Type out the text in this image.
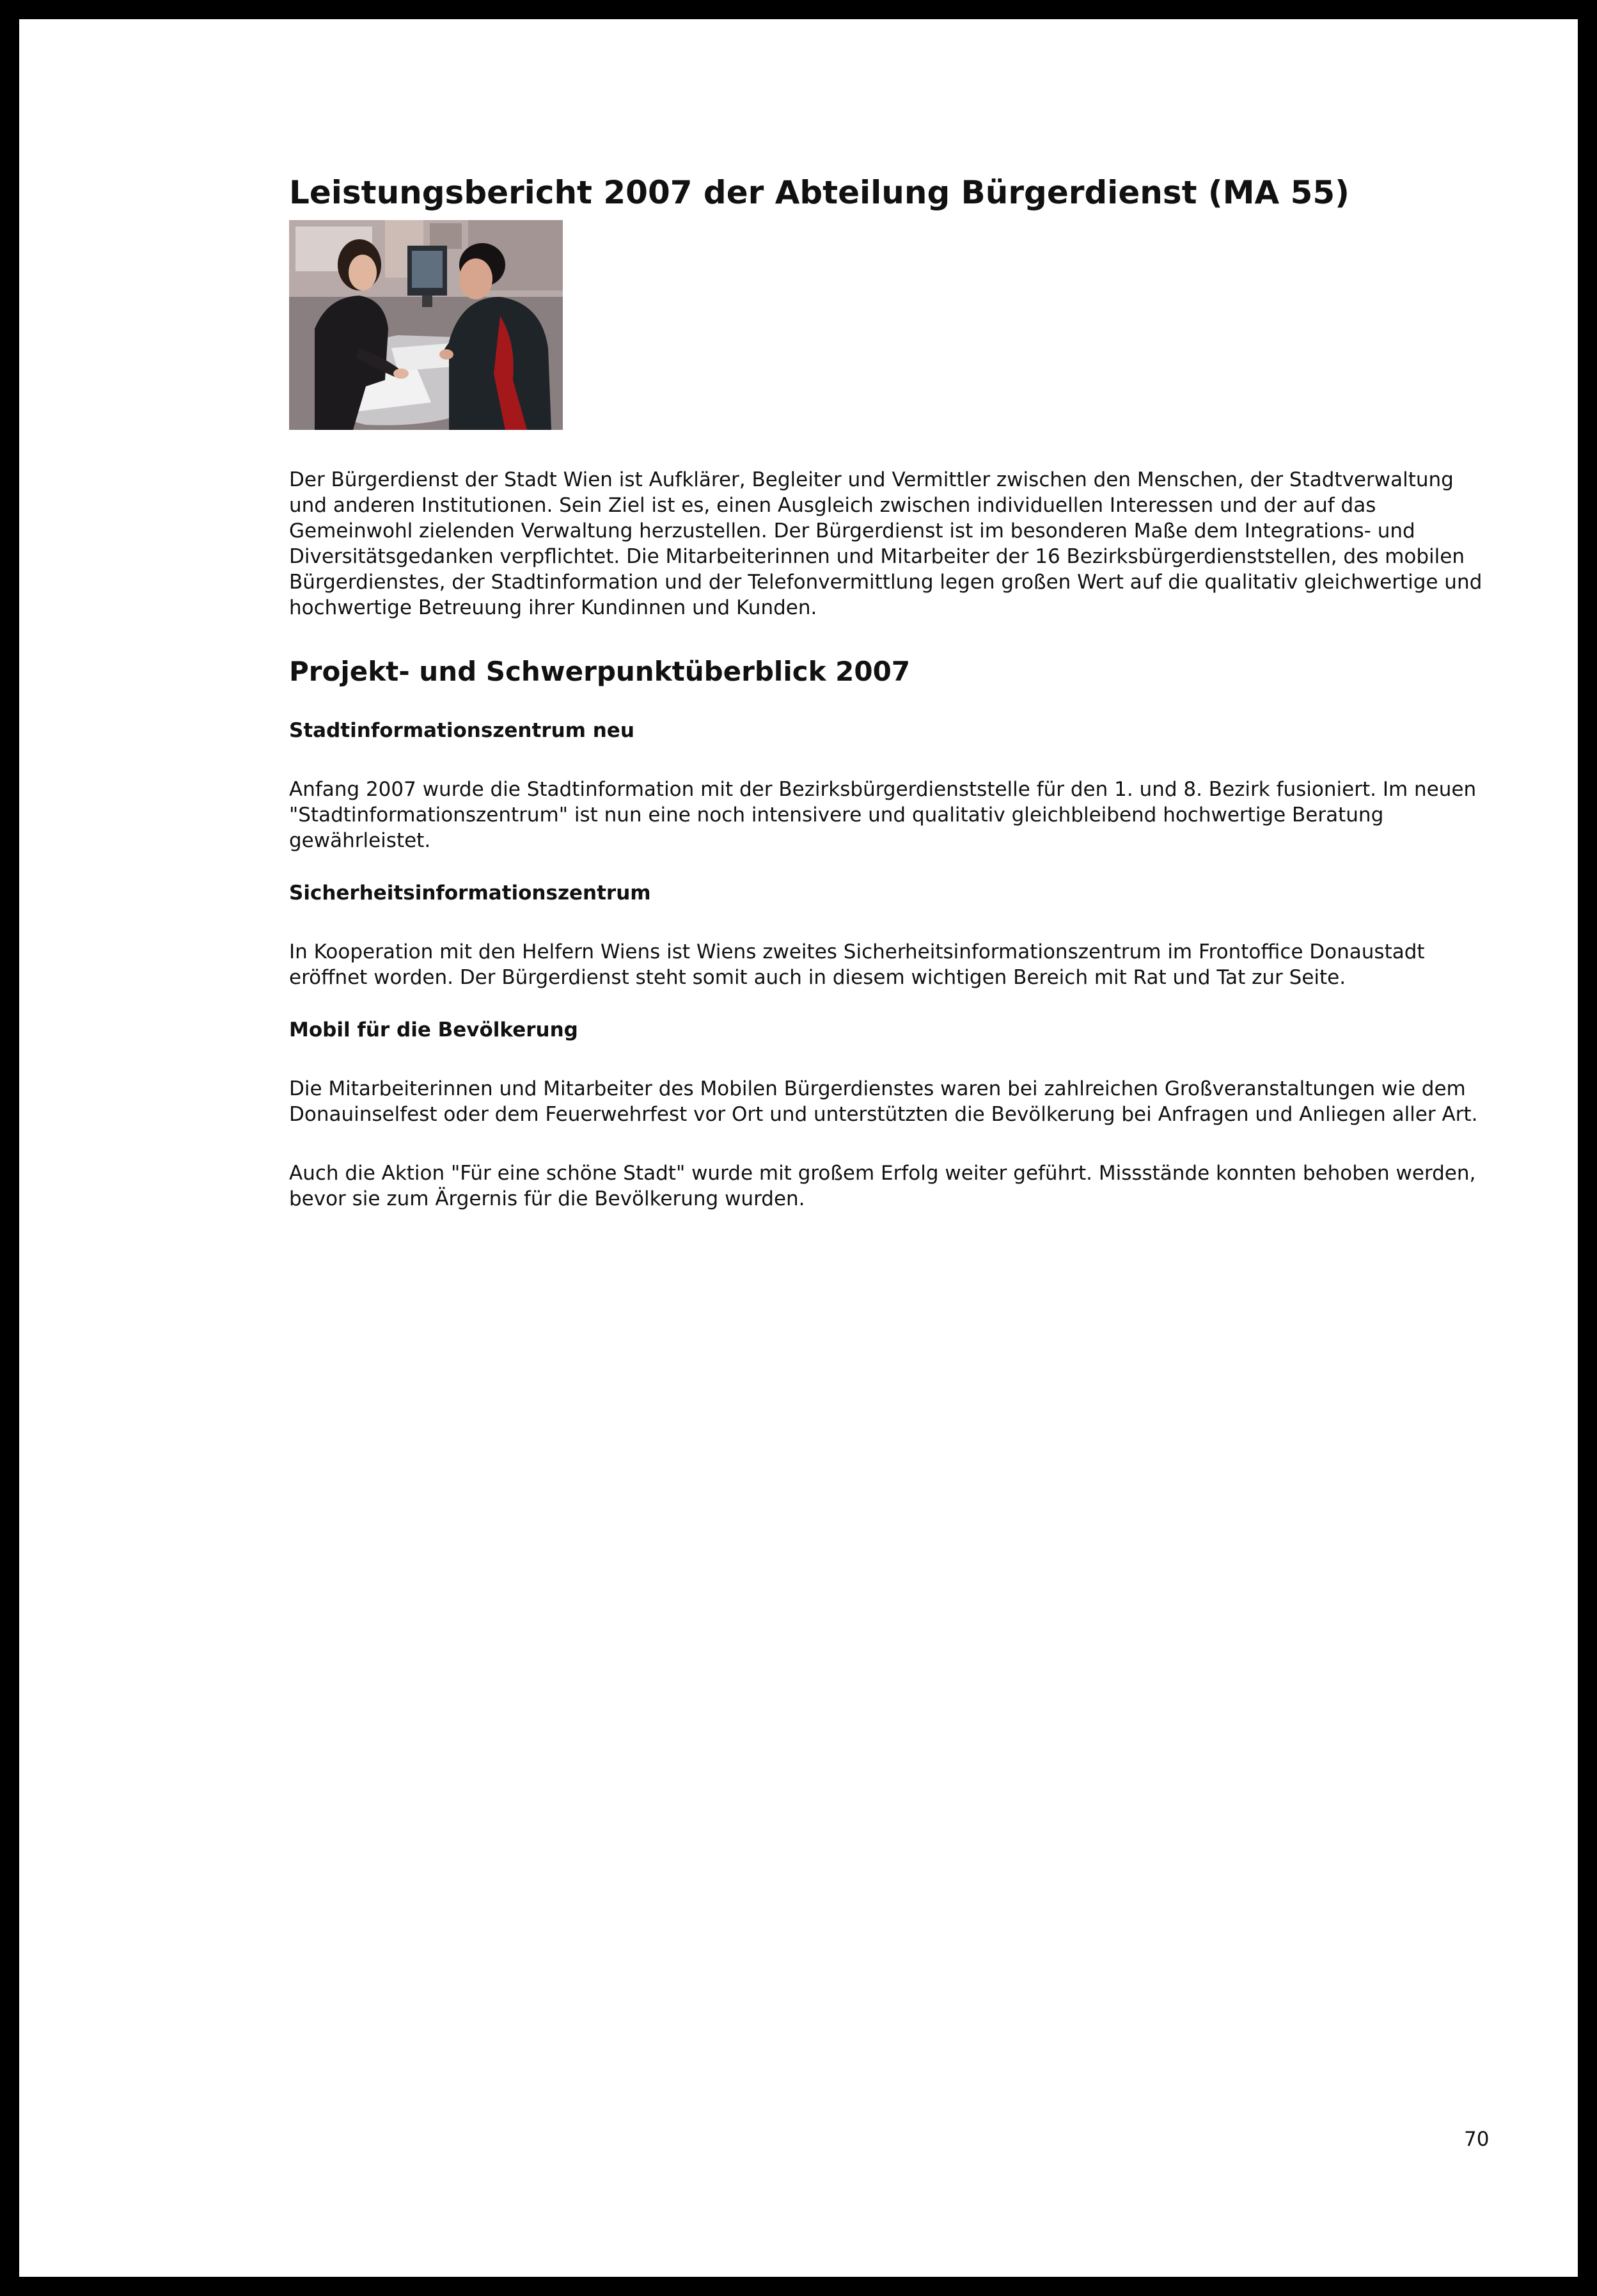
Leistungsbericht 2007 der Abteilung Bürgerdienst (MA 55)

Der Bürgerdienst der Stadt Wien ist Aufklärer, Begleiter und Vermittler zwischen den Menschen, der Stadtverwaltung und anderen Institutionen. Sein Ziel ist es, einen Ausgleich zwischen individuellen Interessen und der auf das Gemeinwohl zielenden Verwaltung herzustellen. Der Bürgerdienst ist im besonderen Maße dem Integrations- und Diversitätsgedanken verpflichtet. Die Mitarbeiterinnen und Mitarbeiter der 16 Bezirksbürgerdienststellen, des mobilen Bürgerdienstes, der Stadtinformation und der Telefonvermittlung legen großen Wert auf die qualitativ gleichwertige und hochwertige Betreuung ihrer Kundinnen und Kunden.

Projekt- und Schwerpunktüberblick 2007
Stadtinformationszentrum neu

Anfang 2007 wurde die Stadtinformation mit der Bezirksbürgerdienststelle für den 1. und 8. Bezirk fusioniert. Im neuen "Stadtinformationszentrum" ist nun eine noch intensivere und qualitativ gleichbleibend hochwertige Beratung gewährleistet.

Sicherheitsinformationszentrum

In Kooperation mit den Helfern Wiens ist Wiens zweites Sicherheitsinformationszentrum im Frontoffice Donaustadt eröffnet worden. Der Bürgerdienst steht somit auch in diesem wichtigen Bereich mit Rat und Tat zur Seite.

Mobil für die Bevölkerung

Die Mitarbeiterinnen und Mitarbeiter des Mobilen Bürgerdienstes waren bei zahlreichen Großveranstaltungen wie dem Donauinselfest oder dem Feuerwehrfest vor Ort und unterstützten die Bevölkerung bei Anfragen und Anliegen aller Art.

Auch die Aktion "Für eine schöne Stadt" wurde mit großem Erfolg weiter geführt. Missstände konnten behoben werden, bevor sie zum Ärgernis für die Bevölkerung wurden.

70
